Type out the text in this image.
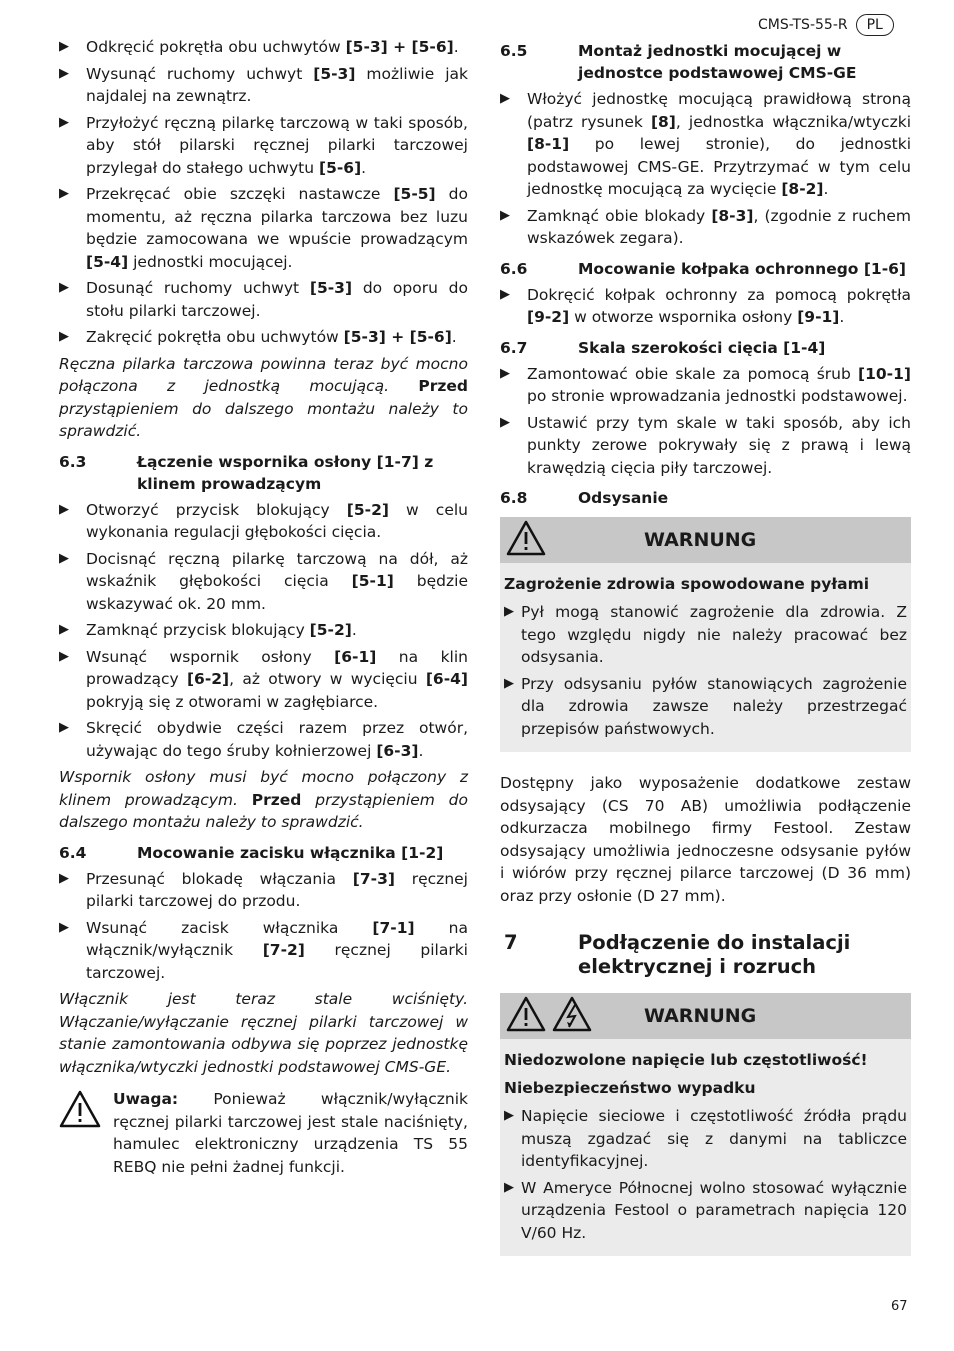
CMS-TS-55-R	PL
▶	Odkręcić pokrętła obu uchwytów [5-3] + [5-6].
▶	Wysunąć ruchomy uchwyt [5-3] możliwie jak najdalej na zewnątrz.
▶	Przyłożyć ręczną pilarkę tarczową w taki sposób, aby stół pilarski ręcznej pilarki tarczowej przylegał do stałego uchwytu [5-6].
▶	Przekręcać obie szczęki nastawcze [5-5] do momentu, aż ręczna pilarka tarczowa bez luzu będzie zamocowana we wpuście prowadzącym [5-4] jednostki mocującej.
▶	Dosunąć ruchomy uchwyt [5-3] do oporu do stołu pilarki tarczowej.
▶	Zakręcić pokrętła obu uchwytów [5-3] + [5-6].

Ręczna pilarka tarczowa powinna teraz być mocno połączona z jednostką mocującą. Przed przystąpieniem do dalszego montażu należy to sprawdzić.

6.3	Łączenie wspornika osłony [1-7] z klinem prowadzącym
▶	Otworzyć przycisk blokujący [5-2] w celu wykonania regulacji głębokości cięcia.
▶	Docisnąć ręczną pilarkę tarczową na dół, aż wskaźnik głębokości cięcia [5-1] będzie wskazywać ok. 20 mm.
▶	Zamknąć przycisk blokujący [5-2].
▶	Wsunąć wspornik osłony [6-1] na klin prowadzący [6-2], aż otwory w wycięciu [6-4] pokryją się z otworami w zagłębiarce.
▶	Skręcić obydwie części razem przez otwór, używając do tego śruby kołnierzowej [6-3].

Wspornik osłony musi być mocno połączony z klinem prowadzącym. Przed przystąpieniem do dalszego montażu należy to sprawdzić.

6.4	Mocowanie zacisku włącznika [1-2]
▶	Przesunąć blokadę włączania [7-3] ręcznej pilarki tarczowej do przodu.
▶	Wsunąć zacisk włącznika [7-1] na włącznik/wyłącznik [7-2] ręcznej pilarki tarczowej.

Włącznik jest teraz stale wciśnięty. Włączanie/wyłączanie ręcznej pilarki tarczowej w stanie zamontowania odbywa się poprzez jednostkę włącznika/wtyczki jednostki podstawowej CMS-GE.

Uwaga: Ponieważ włącznik/wyłącznik ręcznej pilarki tarczowej jest stale naciśnięty, hamulec elektroniczny urządzenia TS 55 REBQ nie pełni żadnej funkcji.
6.5	Montaż jednostki mocującej w jednostce podstawowej CMS-GE
▶	Włożyć jednostkę mocującą prawidłową stroną (patrz rysunek [8], jednostka włącznika/wtyczki [8-1] po lewej stronie), do jednostki podstawowej CMS-GE. Przytrzymać w tym celu jednostkę mocującą za wycięcie [8-2].
▶	Zamknąć obie blokady [8-3], (zgodnie z ruchem wskazówek zegara).
6.6	Mocowanie kołpaka ochronnego [1-6]
▶	Dokręcić kołpak ochronny za pomocą pokrętła [9-2] w otworze wspornika osłony [9-1].
6.7	Skala szerokości cięcia [1-4]
▶	Zamontować obie skale za pomocą śrub [10-1] po stronie wprowadzania jednostki podstawowej.
▶	Ustawić przy tym skale w taki sposób, aby ich punkty zerowe pokrywały się z prawą i lewą krawędzią cięcia piły tarczowej.
6.8	Odsysanie
WARNUNG
Zagrożenie zdrowia spowodowane pyłami
▶ Pył mogą stanowić zagrożenie dla zdrowia. Z tego względu nigdy nie należy pracować bez odsysania.
▶ Przy odsysaniu pyłów stanowiących zagrożenie dla zdrowia zawsze należy przestrzegać przepisów państwowych.

Dostępny jako wyposażenie dodatkowe zestaw odsysający (CS 70 AB) umożliwia podłączenie odkurzacza mobilnego firmy Festool. Zestaw odsysający umożliwia jednoczesne odsysanie pyłów i wiórów przy ręcznej pilarce tarczowej (D 36 mm) oraz przy osłonie (D 27 mm).

7	Podłączenie do instalacji elektrycznej i rozruch
WARNUNG
Niedozwolone napięcie lub częstotliwość!
Niebezpieczeństwo wypadku
▶ Napięcie sieciowe i częstotliwość źródła prądu muszą zgadzać się z danymi na tabliczce identyfikacyjnej.
▶ W Ameryce Północnej wolno stosować wyłącznie urządzenia Festool o parametrach napięcia 120 V/60 Hz.
67
